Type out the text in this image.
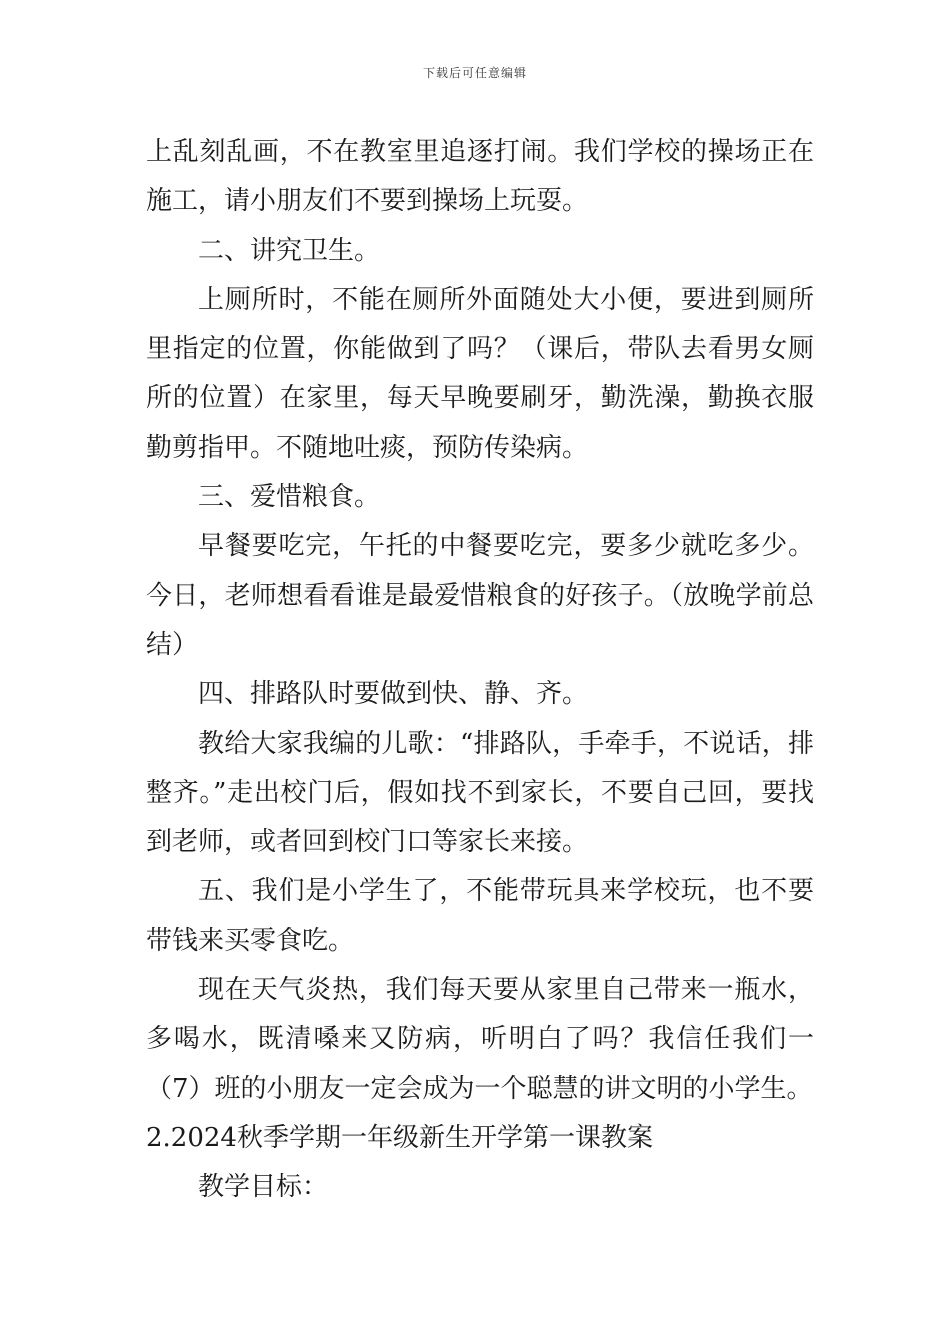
下载后可任意编辑

上乱刻乱画，不在教室里追逐打闹。我们学校的操场正在施工，请小朋友们不要到操场上玩耍。

二、讲究卫生。

上厕所时，不能在厕所外面随处大小便，要进到厕所里指定的位置，你能做到了吗？（课后，带队去看男女厕所的位置）在家里，每天早晚要刷牙，勤洗澡，勤换衣服勤剪指甲。不随地吐痰，预防传染病。

三、爱惜粮食。

早餐要吃完，午托的中餐要吃完，要多少就吃多少。今日，老师想看看谁是最爱惜粮食的好孩子。（放晚学前总结）

四、排路队时要做到快、静、齐。

教给大家我编的儿歌：“排路队，手牵手，不说话，排整齐。”走出校门后，假如找不到家长，不要自己回，要找到老师，或者回到校门口等家长来接。

五、我们是小学生了，不能带玩具来学校玩，也不要带钱来买零食吃。

现在天气炎热，我们每天要从家里自己带来一瓶水，多喝水，既清嗓来又防病，听明白了吗？我信任我们一（7）班的小朋友一定会成为一个聪慧的讲文明的小学生。

2.2024秋季学期一年级新生开学第一课教案

教学目标：
